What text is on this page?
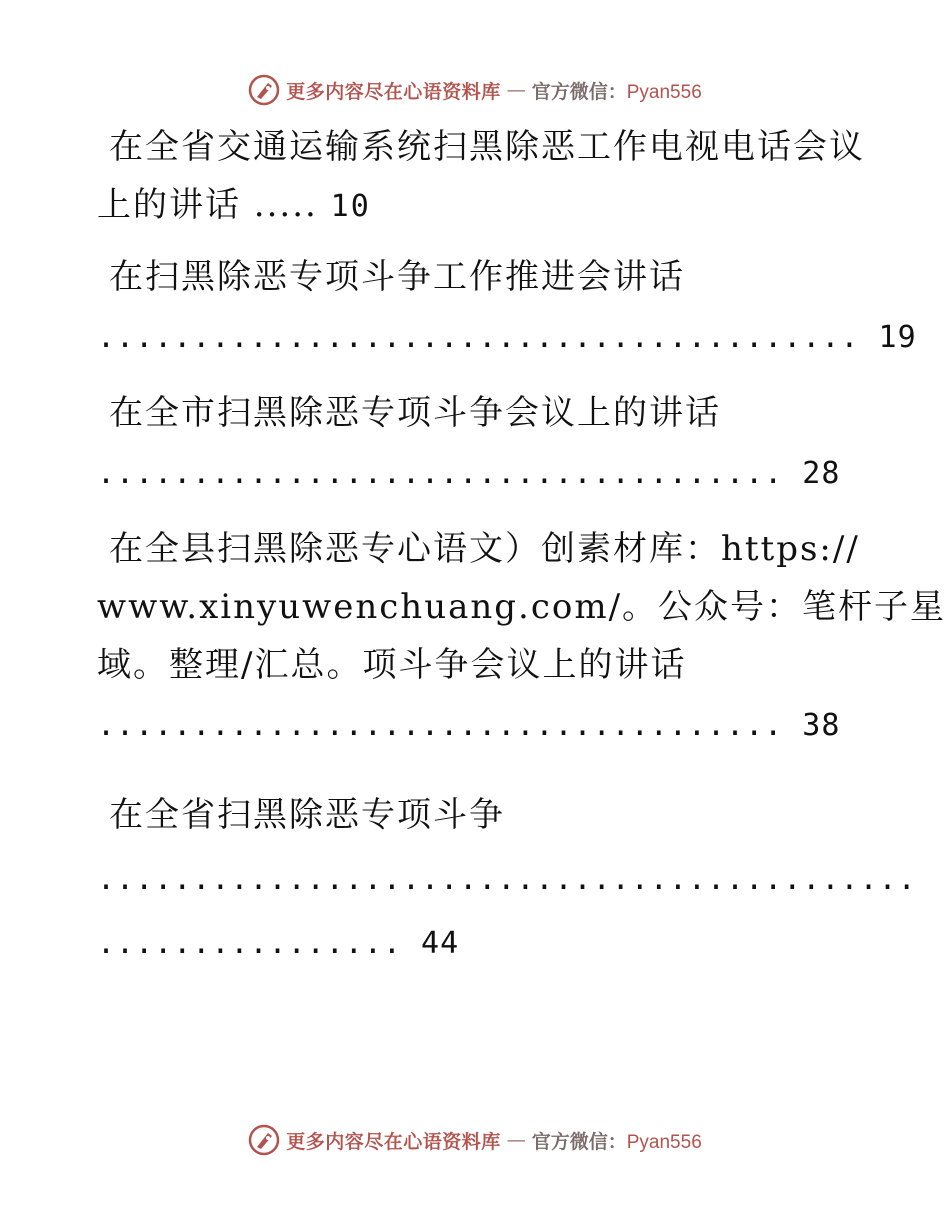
更多内容尽在心语资料库 — 官方微信：Pyan556
在全省交通运输系统扫黑除恶工作电视电话会议
上的讲话 ..... 10
在扫黑除恶专项斗争工作推进会讲话
........................................ 19
在全市扫黑除恶专项斗争会议上的讲话
.................................... 28
在全县扫黑除恶专心语文）创素材库：https://
www.xinyuwenchuang.com/。公众号：笔杆子星
域。整理/汇总。项斗争会议上的讲话
.................................... 38
在全省扫黑除恶专项斗争
...........................................
................ 44
更多内容尽在心语资料库 — 官方微信：Pyan556
